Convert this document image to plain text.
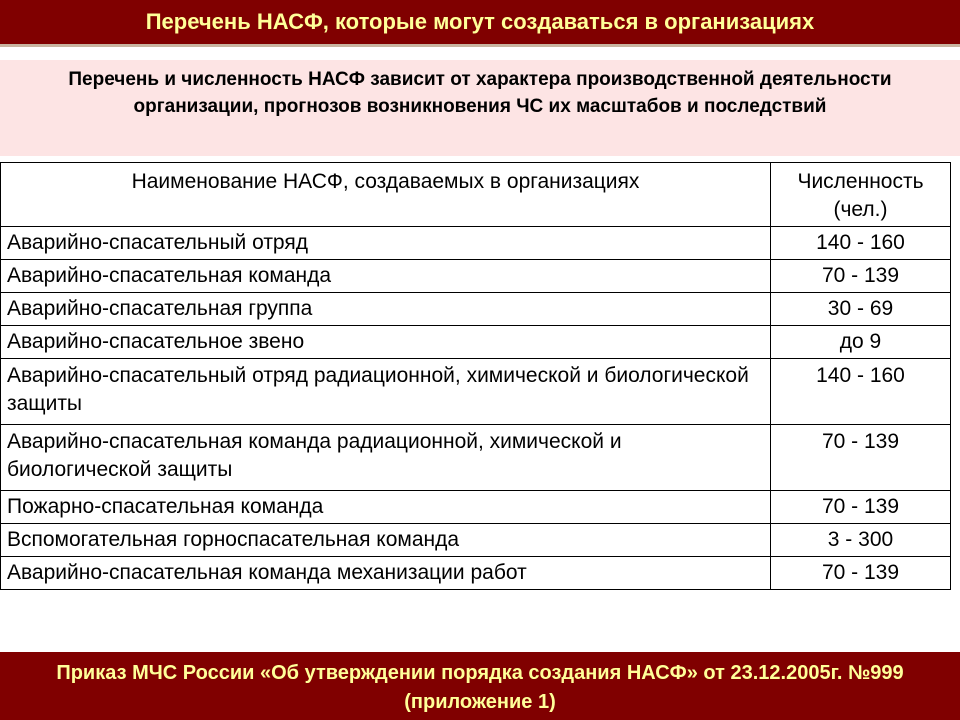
Перечень НАСФ, которые могут создаваться в организациях
Перечень и численность НАСФ зависит от характера производственной деятельности организации, прогнозов возникновения ЧС их масштабов и последствий
Наименование НАСФ, создаваемых в организациях	Численность (чел.)
Аварийно-спасательный отряд	140 - 160
Аварийно-спасательная команда	70 - 139
Аварийно-спасательная группа	30 - 69
Аварийно-спасательное звено	до 9
Аварийно-спасательный отряд радиационной, химической и биологической защиты	140 - 160
Аварийно-спасательная команда радиационной, химической и биологической защиты	70 - 139
Пожарно-спасательная команда	70 - 139
Вспомогательная горноспасательная команда	3 - 300
Аварийно-спасательная команда механизации работ	70 - 139
Приказ МЧС России «Об утверждении порядка создания НАСФ» от 23.12.2005г. №999 (приложение 1)
